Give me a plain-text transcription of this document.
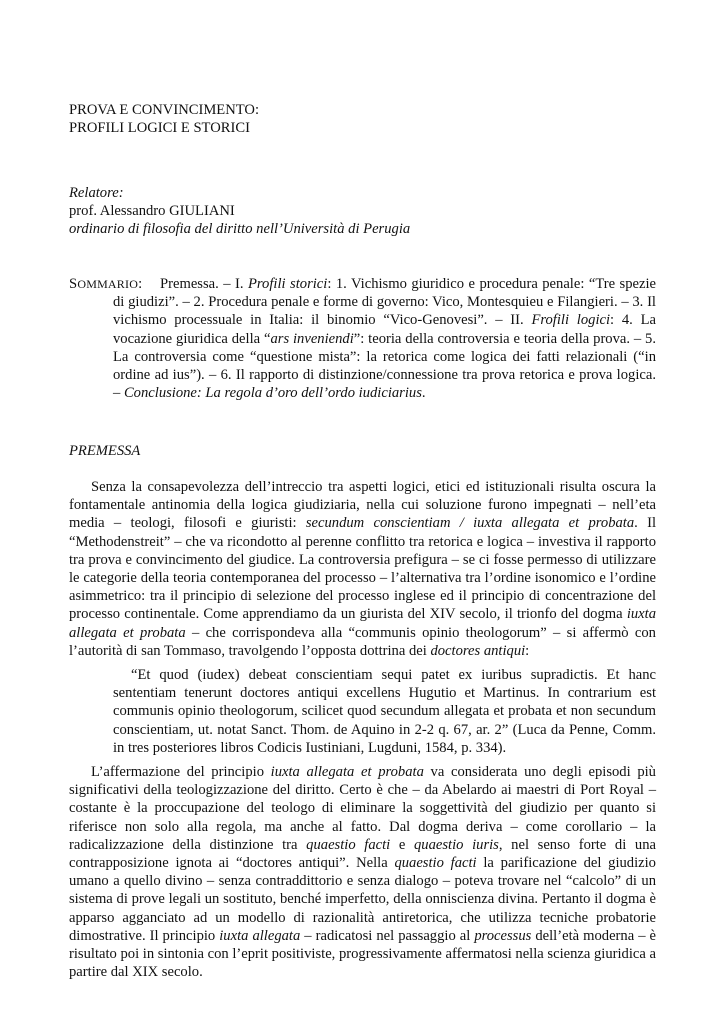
PROVA E CONVINCIMENTO:
PROFILI LOGICI E STORICI
Relatore:
prof. Alessandro GIULIANI
ordinario di filosofia del diritto nell’Università di Perugia
SOMMARIO: Premessa. – I. Profili storici: 1. Vichismo giuridico e procedura penale: “Tre spezie di giudizi”. – 2. Procedura penale e forme di governo: Vico, Montesquieu e Filangieri. – 3. Il vichismo processuale in Italia: il binomio “Vico-Genovesi”. – II. Frofili logici: 4. La vocazione giuridica della “ars inveniendi”: teoria della controversia e teoria della prova. – 5. La controversia come “questione mista”: la retorica come logica dei fatti relazionali (“in ordine ad ius”). – 6. Il rapporto di distinzione/connessione tra prova retorica e prova logica. – Conclusione: La regola d’oro dell’ordo iudiciarius.
PREMESSA

Senza la consapevolezza dell’intreccio tra aspetti logici, etici ed istituzionali risulta oscura la fontamentale antinomia della logica giudiziaria, nella cui soluzione furono impegnati – nell’eta media – teologi, filosofi e giuristi: secundum conscientiam / iuxta allegata et probata. Il “Methodenstreit” – che va ricondotto al perenne conflitto tra retorica e logica – investiva il rapporto tra prova e convincimento del giudice. La controversia prefigura – se ci fosse permesso di utilizzare le categorie della teoria contemporanea del processo – l’alternativa tra l’ordine isonomico e l’ordine asimmetrico: tra il principio di selezione del processo inglese ed il principio di concentrazione del processo continentale. Come apprendiamo da un giurista del XIV secolo, il trionfo del dogma iuxta allegata et probata – che corrispondeva alla “communis opinio theologorum” – si affermò con l’autorità di san Tommaso, travolgendo l’opposta dottrina dei doctores antiqui:

“Et quod (iudex) debeat conscientiam sequi patet ex iuribus supradictis. Et hanc sententiam tenerunt doctores antiqui excellens Hugutio et Martinus. In contrarium est communis opinio theologorum, scilicet quod secundum allegata et probata et non secundum conscientiam, ut. notat Sanct. Thom. de Aquino in 2-2 q. 67, ar. 2” (Luca da Penne, Comm. in tres posteriores libros Codicis Iustiniani, Lugduni, 1584, p. 334).

L’affermazione del principio iuxta allegata et probata va considerata uno degli episodi più significativi della teologizzazione del diritto. Certo è che – da Abelardo ai maestri di Port Royal – costante è la proccupazione del teologo di eliminare la soggettività del giudizio per quanto si riferisce non solo alla regola, ma anche al fatto. Dal dogma deriva – come corollario – la radicalizzazione della distinzione tra quaestio facti e quaestio iuris, nel senso forte di una contrapposizione ignota ai “doctores antiqui”. Nella quaestio facti la parificazione del giudizio umano a quello divino – senza contraddittorio e senza dialogo – poteva trovare nel “calcolo” di un sistema di prove legali un sostituto, benché imperfetto, della onniscienza divina. Pertanto il dogma è apparso agganciato ad un modello di razionalità antiretorica, che utilizza tecniche probatorie dimostrative. Il principio iuxta allegata – radicatosi nel passaggio al processus dell’età moderna – è risultato poi in sintonia con l’eprit positiviste, progressivamente affermatosi nella scienza giuridica a partire dal XIX secolo.
